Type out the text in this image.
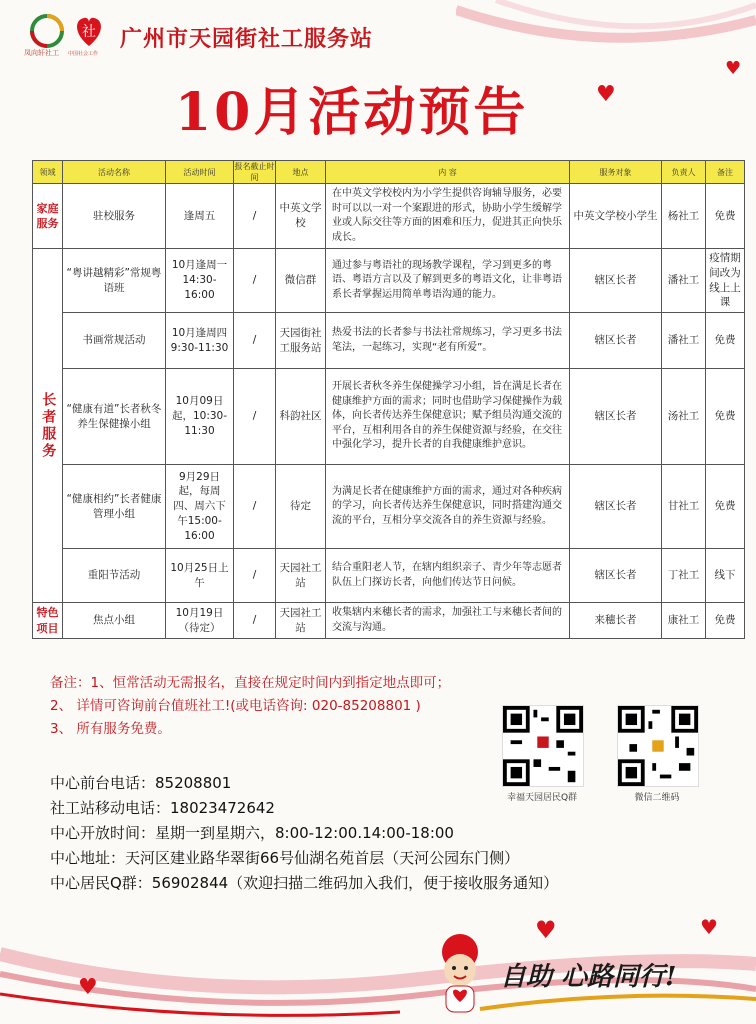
凤向轩社工
社
中国社会工作
广州市天园街社工服务站
10月活动预告	♥
♥
领域	活动名称	活动时间	报名截止时间	地点	内 容	服务对象	负责人	备注
家庭服务	驻校服务	逢周五	/	中英文学校	在中英文学校校内为小学生提供咨询辅导服务，必要时可以以一对一个案跟进的形式，协助小学生缓解学业或人际交往等方面的困难和压力，促进其正向快乐成长。	中英文学校小学生	杨社工	免费
长者服务	“粤讲越精彩”常规粤语班	10月逢周一 14:30-16:00	/	微信群	通过参与粤语社的现场教学课程，学习到更多的粤语、粤语方言以及了解到更多的粤语文化，让非粤语系长者掌握运用简单粤语沟通的能力。	辖区长者	潘社工	疫情期间改为线上上课
	书画常规活动	10月逢周四 9:30-11:30	/	天园街社工服务站	热爱书法的长者参与书法社常规练习，学习更多书法笔法，一起练习，实现“老有所爱”。	辖区长者	潘社工	免费
	“健康有道”长者秋冬养生保健操小组	10月09日起，10:30-11:30	/	科韵社区	开展长者秋冬养生保健操学习小组，旨在满足长者在健康维护方面的需求；同时也借助学习保健操作为载体，向长者传达养生保健意识；赋予组员沟通交流的平台，互相利用各自的养生保健资源与经验，在交往中强化学习，提升长者的自我健康维护意识。	辖区长者	汤社工	免费
	“健康相约”长者健康管理小组	9月29日起，每周四、周六下午15:00-16:00	/	待定	为满足长者在健康维护方面的需求，通过对各种疾病的学习，向长者传达养生保健意识，同时搭建沟通交流的平台，互相分享交流各自的养生资源与经验。	辖区长者	甘社工	免费
	重阳节活动	10月25日上午	/	天园社工站	结合重阳老人节，在辖内组织亲子、青少年等志愿者队伍上门探访长者，向他们传达节日问候。	辖区长者	丁社工	线下
特色项目	焦点小组	10月19日（待定）	/	天园社工站	收集辖内来穗长者的需求，加强社工与来穗长者间的交流与沟通。	来穗长者	康社工	免费
备注：1、恒常活动无需报名，直接在规定时间内到指定地点即可；
2、 详情可咨询前台值班社工!(或电话咨询: 020-85208801 )
3、 所有服务免费。
中心前台电话：85208801
社工站移动电话：18023472642
中心开放时间：星期一到星期六，8:00-12:00.14:00-18:00
中心地址：天河区建业路华翠街66号仙湖名苑首层（天河公园东门侧）
中心居民Q群：56902844（欢迎扫描二维码加入我们，便于接收服务通知）
幸福天园居民Q群	微信二维码
♥	♥
♥	自助 心路同行!
